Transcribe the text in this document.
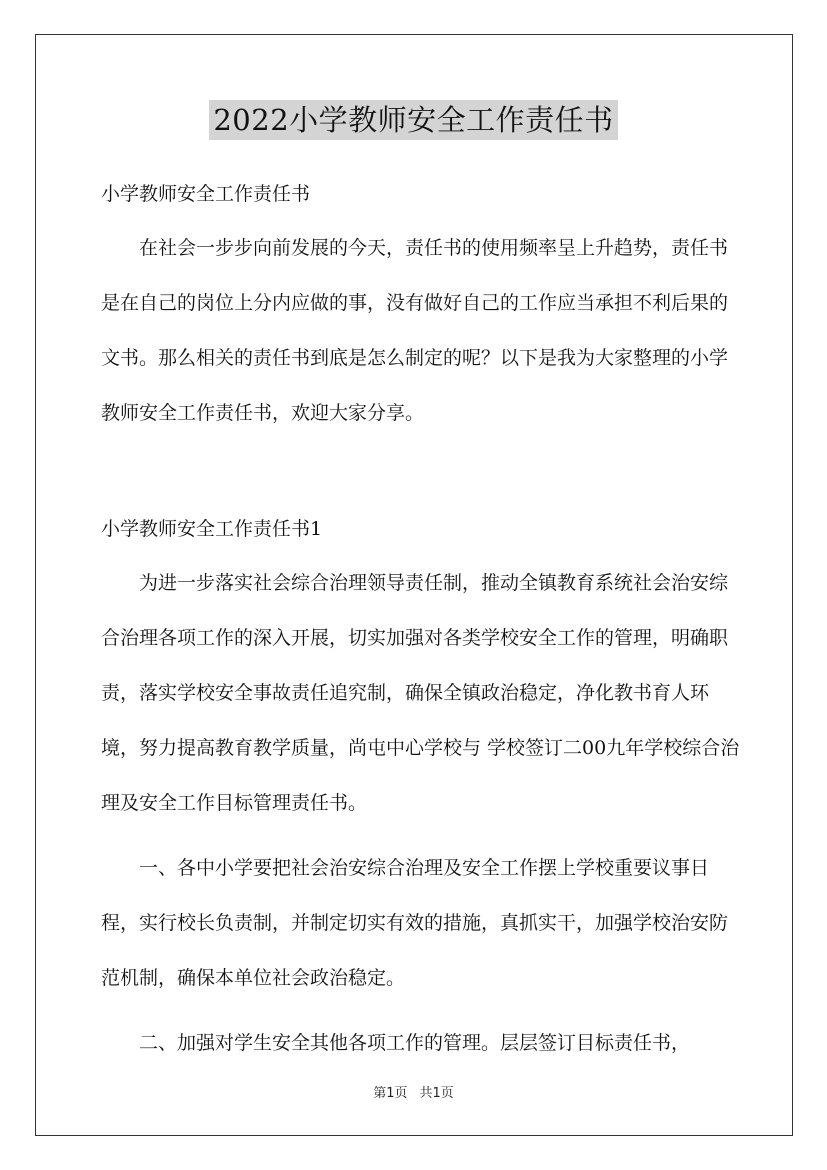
2022小学教师安全工作责任书

小学教师安全工作责任书

在社会一步步向前发展的今天，责任书的使用频率呈上升趋势，责任书是在自己的岗位上分内应做的事，没有做好自己的工作应当承担不利后果的文书。那么相关的责任书到底是怎么制定的呢？以下是我为大家整理的小学教师安全工作责任书，欢迎大家分享。

小学教师安全工作责任书1

为进一步落实社会综合治理领导责任制，推动全镇教育系统社会治安综合治理各项工作的深入开展，切实加强对各类学校安全工作的管理，明确职责，落实学校安全事故责任追究制，确保全镇政治稳定，净化教书育人环境，努力提高教育教学质量，尚屯中心学校与 学校签订二00九年学校综合治理及安全工作目标管理责任书。

一、各中小学要把社会治安综合治理及安全工作摆上学校重要议事日程，实行校长负责制，并制定切实有效的措施，真抓实干，加强学校治安防范机制，确保本单位社会政治稳定。

二、加强对学生安全其他各项工作的管理。层层签订目标责任书，

第1页 共1页
